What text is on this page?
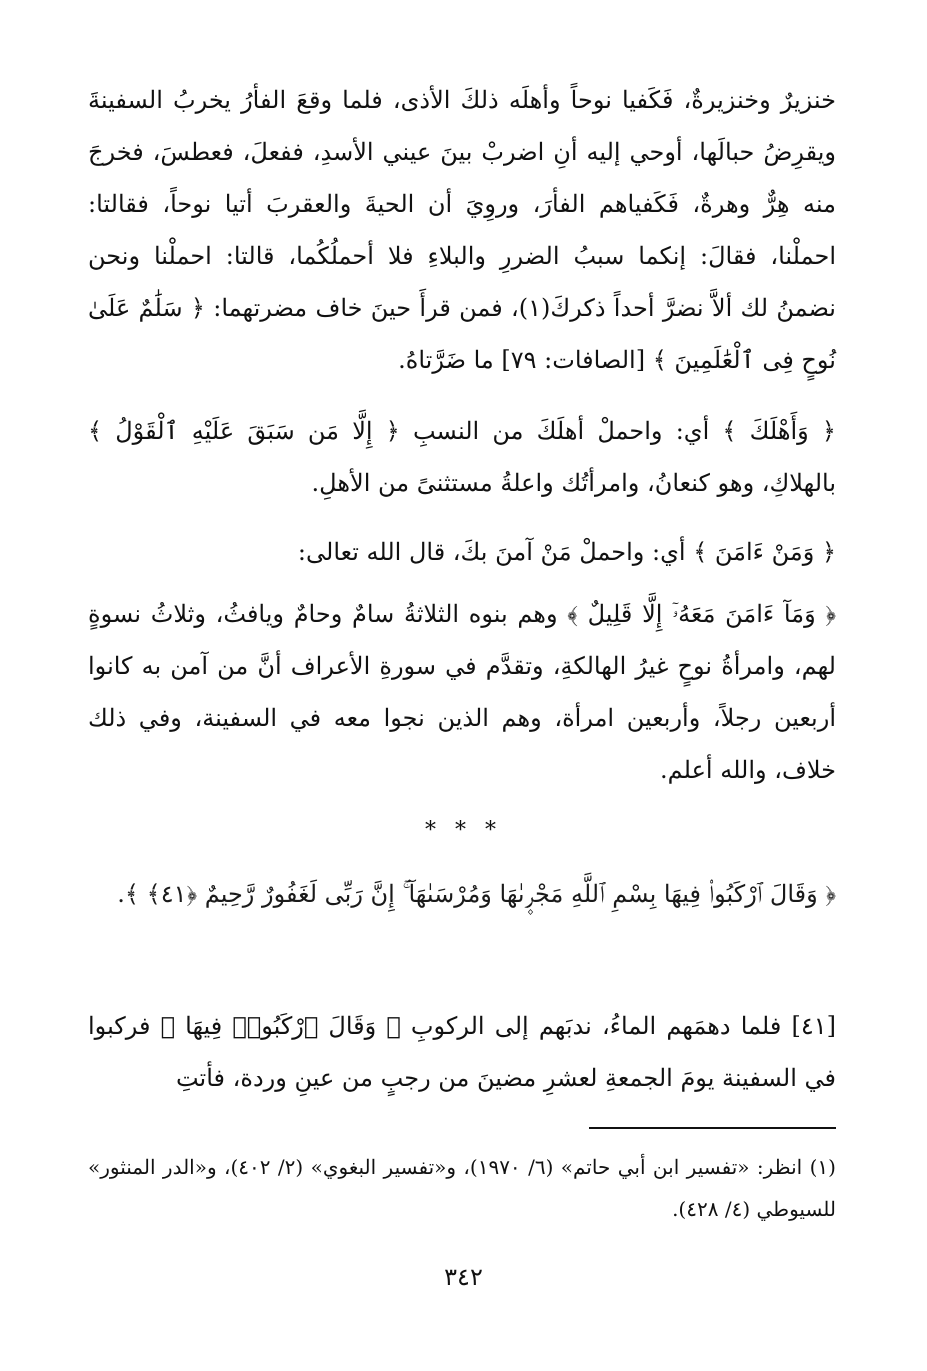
خنزيرٌ وخنزيرةٌ، فَكَفيا نوحاً وأهلَه ذلكَ الأذى، فلما وقعَ الفأرُ يخربُ السفينةَ ويقرِضُ حبالَها، أوحي إليه أنِ اضربْ بينَ عيني الأسدِ، ففعلَ، فعطسَ، فخرجَ منه هِرٌّ وهرةٌ، فَكَفياهم الفأرَ، وروِيَ أن الحيةَ والعقربَ أتيا نوحاً، فقالتا: احملْنا، فقالَ: إنكما سببُ الضررِ والبلاءِ فلا أحملُكُما، قالتا: احملْنا ونحن نضمنُ لك ألاَّ نضرَّ أحداً ذكركَ(١)، فمن قرأَ حينَ خاف مضرتهما: ﴿ سَلَٰمٌ عَلَىٰ نُوحٍ فِى ٱلْعَٰلَمِينَ ﴾ [الصافات: ٧٩] ما ضَرَّتاهُ.

﴿ وَأَهْلَكَ ﴾ أي: واحملْ أهلَكَ من النسبِ ﴿ إِلَّا مَن سَبَقَ عَلَيْهِ ٱلْقَوْلُ ﴾ بالهلاكِ، وهو كنعانُ، وامرأتُك واعلةُ مستثنىً من الأهلِ.

﴿ وَمَنْ ءَامَنَ ﴾ أي: واحملْ مَنْ آمنَ بكَ، قال الله تعالى:

﴿ وَمَآ ءَامَنَ مَعَهُۥٓ إِلَّا قَلِيلٌ ﴾ وهم بنوه الثلاثةُ سامٌ وحامٌ ويافثُ، وثلاثُ نسوةٍ لهم، وامرأةُ نوحٍ غيرُ الهالكةِ، وتقدَّم في سورةِ الأعراف أنَّ من آمن به كانوا أربعين رجلاً، وأربعين امرأة، وهم الذين نجوا معه في السفينة، وفي ذلك خلاف، والله أعلم.

* * *

﴿ وَقَالَ ٱرْكَبُوا۟ فِيهَا بِسْمِ ٱللَّهِ مَجْر۪ىٰهَا وَمُرْسَىٰهَآ ۚ إِنَّ رَبِّى لَغَفُورٌ رَّحِيمٌ ﴿٤١﴾ ﴾.

[٤١] فلما دهمَهم الماءُ، ندبَهم إلى الركوبِ ﴿ وَقَالَ ٱرْكَبُوا۟ فِيهَا ﴾ فركبوا في السفينة يومَ الجمعةِ لعشرِ مضينَ من رجبٍ من عينِ وردة، فأتتِ

(١) انظر: «تفسير ابن أبي حاتم» (٦/ ١٩٧٠)، و«تفسير البغوي» (٢/ ٤٠٢)، و«الدر المنثور» للسيوطي (٤/ ٤٢٨).

٣٤٢
